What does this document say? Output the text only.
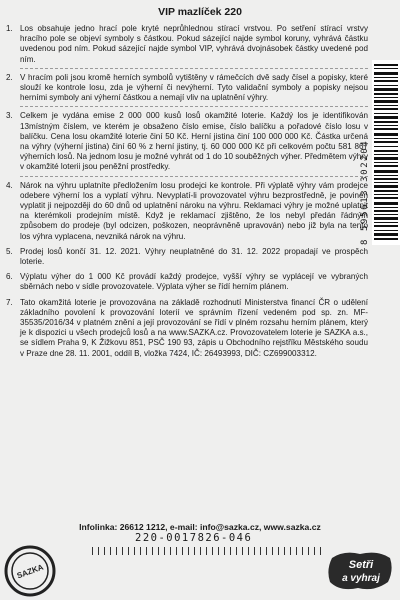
VIP mazlíček 220
1. Los obsahuje jedno hrací pole kryté neprůhlednou stírací vrstvou. Po setření stírací vrstvy hracího pole se objeví symboly s částkou. Pokud sázející najde symbol koruny, vyhrává částku uvedenou pod ním. Pokud sázející najde symbol VIP, vyhrává dvojnásobek částky uvedené pod ním.
2. V hracím poli jsou kromě herních symbolů vytištěny v rámečcích dvě sady čísel a popisky, které slouží ke kontrole losu, zda je výherní či nevýherní. Tyto validační symboly a popisky nejsou herními symboly ani výherní částkou a nemají vliv na uplatnění výhry.
3. Celkem je vydána emise 2 000 000 kusů losů okamžité loterie. Každý los je identifikován 13místným číslem, ve kterém je obsaženo číslo emise, číslo balíčku a pořadové číslo losu v balíčku. Cena losu okamžité loterie činí 50 Kč. Herní jistina činí 100 000 000 Kč. Částka určená na výhry (výherní jistina) činí 60 % z herní jistiny, tj. 60 000 000 Kč při celkovém počtu 581 867 výherních losů. Na jednom losu je možné vyhrát od 1 do 10 souběžných výher. Předmětem výhry v okamžité loterii jsou peněžní prostředky.
4. Nárok na výhru uplatníte předložením losu prodejci ke kontrole. Při výplatě výhry vám prodejce odebere výherní los a vyplatí výhru. Nevyplatí-li provozovatel výhru bezprostředně, je povinen vyplatit ji nejpozději do 60 dnů od uplatnění nároku na výhru. Reklamaci výhry je možné uplatnit na kterémkoli prodejním místě. Když je reklamací zjištěno, že los nebyl předán řádným způsobem do prodeje (byl odcizen, poškozen, neoprávněně upravován) nebo již byla na tento los výhra vyplacena, nevzniká nárok na výhru.
5. Prodej losů končí 31. 12. 2021. Výhry neuplatněné do 31. 12. 2022 propadají ve prospěch loterie.
6. Výplatu výher do 1 000 Kč provádí každý prodejce, vyšší výhry se vyplácejí ve vybraných sběrnách nebo v sídle provozovatele. Výplata výher se řídí herním plánem.
7. Tato okamžitá loterie je provozována na základě rozhodnutí Ministerstva financí ČR o udělení základního povolení k provozování loterií ve správním řízení vedeném pod sp. zn. MF-35535/2016/34 v platném znění a její provozování se řídí v plném rozsahu herním plánem, který je k dispozici u všech prodejců losů a na www.SAZKA.cz. Provozovatelem loterie je SAZKA a.s., se sídlem Praha 9, K Žižkovu 851, PSČ 190 93, zápis u Obchodního rejstříku Městského soudu v Praze dne 28. 11. 2001, oddíl B, vložka 7424, IČ: 26493993, DIČ: CZ699003312.
8 595613 302204
Infolinka: 26612 1212, e-mail: info@sazka.cz, www.sazka.cz
220-0017826-046
SAZKA	Setři
a vyhraj
